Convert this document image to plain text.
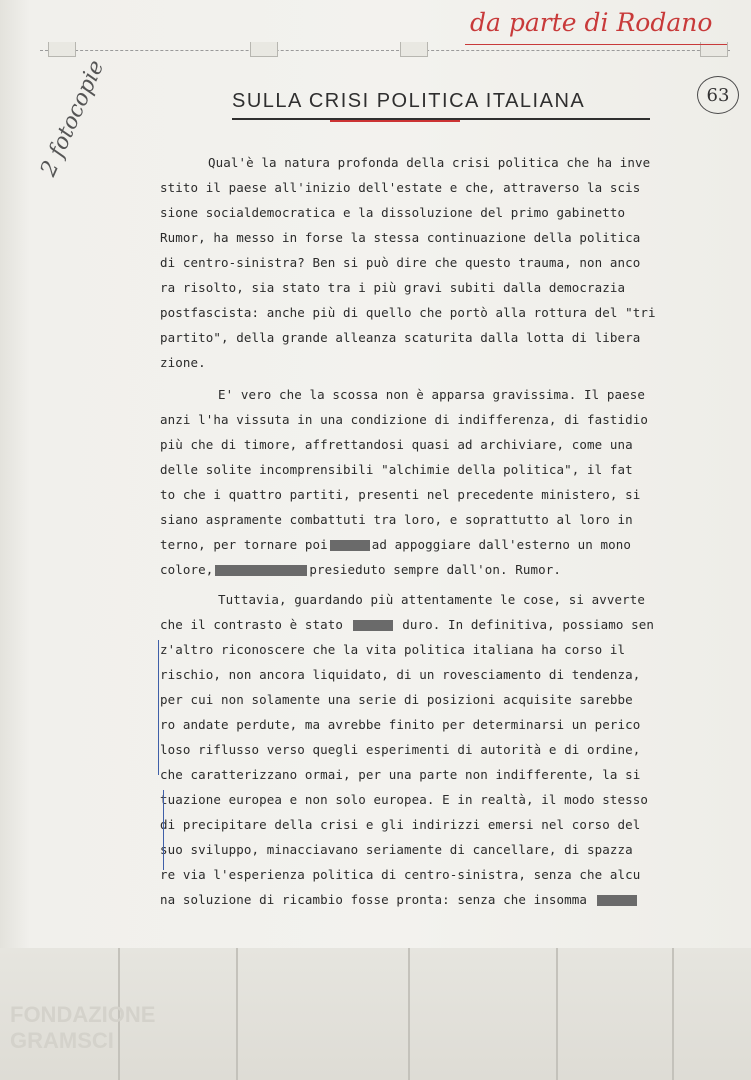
da parte di Rodano
63
SULLA CRISI POLITICA ITALIANA
2 fotocopie	Qual'è la natura profonda della crisi politica che ha inve

stito il paese all'inizio dell'estate e che, attraverso la scis

sione socialdemocratica e la dissoluzione del primo gabinetto

Rumor, ha messo in forse la stessa continuazione della politica

di centro-sinistra? Ben si può dire che questo trauma, non anco

ra risolto, sia stato tra i più gravi subiti dalla democrazia

postfascista: anche più di quello che portò alla rottura del "tri

partito", della grande alleanza scaturita dalla lotta di libera

zione.

E' vero che la scossa non è apparsa gravissima. Il paese

anzi l'ha vissuta in una condizione di indifferenza, di fastidio

più che di timore, affrettandosi quasi ad archiviare, come una

delle solite incomprensibili "alchimie della politica", il fat

to che i quattro partiti, presenti nel precedente ministero, si

siano aspramente combattuti tra loro, e soprattutto al loro in

terno, per tornare poi	ad appoggiare dall'esterno un mono

colore,	presieduto sempre dall'on. Rumor.

Tuttavia, guardando più attentamente le cose, si avverte

che il contrasto è stato	duro. In definitiva, possiamo sen

z'altro riconoscere che la vita politica italiana ha corso il

rischio, non ancora liquidato, di un rovesciamento di tendenza,

per cui non solamente una serie di posizioni acquisite sarebbe

ro andate perdute, ma avrebbe finito per determinarsi un perico

loso riflusso verso quegli esperimenti di autorità e di ordine,

che caratterizzano ormai, per una parte non indifferente, la si

tuazione europea e non solo europea. E in realtà, il modo stesso

di precipitare della crisi e gli indirizzi emersi nel corso del

suo sviluppo, minacciavano seriamente di cancellare, di spazza

re via l'esperienza politica di centro-sinistra, senza che alcu

na soluzione di ricambio fosse pronta: senza che insomma

FONDAZIONE GRAMSCI
